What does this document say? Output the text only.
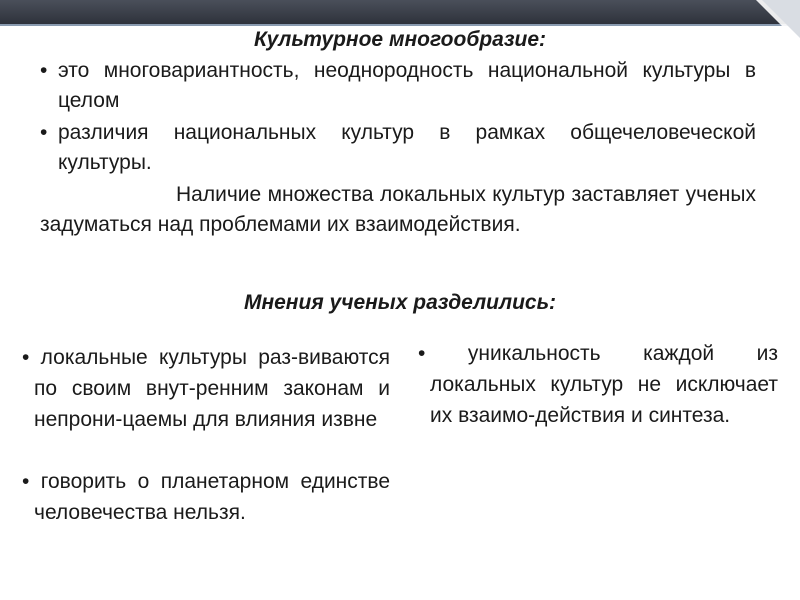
Культурное многообразие:
• это многовариантность, неоднородность национальной культуры в целом
• различия национальных культур в рамках общечеловеческой культуры.
Наличие множества локальных культур заставляет ученых задуматься над проблемами их взаимодействия.
Мнения ученых разделились:
• локальные культуры раз-виваются по своим внут-ренним законам и непрони-цаемы для влияния извне
• говорить о планетарном единстве человечества нельзя.
• уникальность каждой из локальных культур не исключает их взаимо-действия и синтеза.
